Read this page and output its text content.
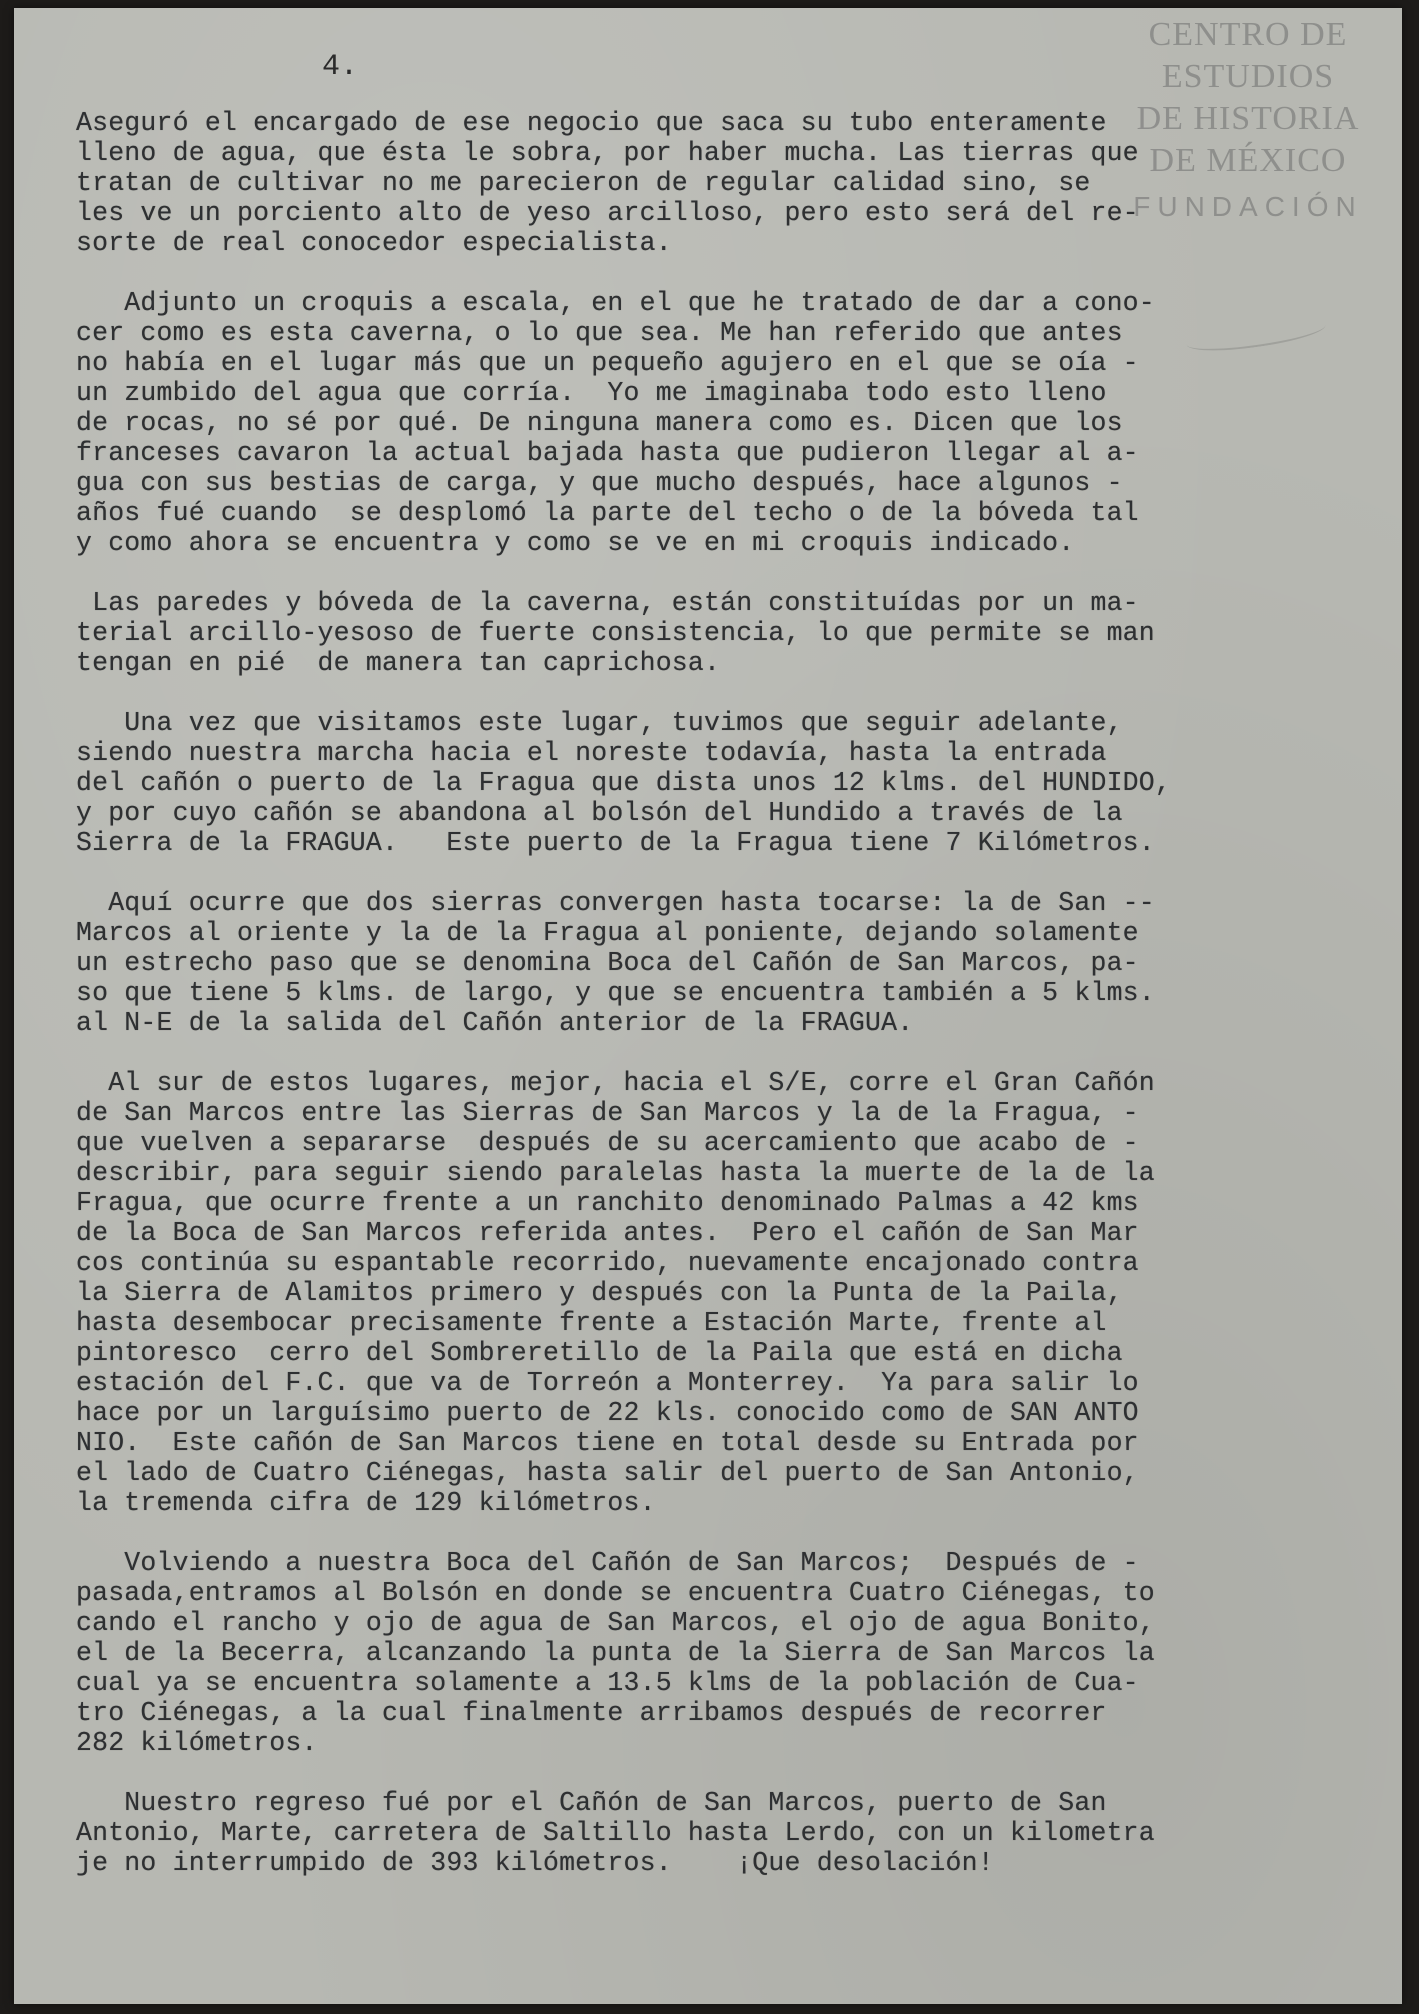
4.
CENTRO DE
ESTUDIOS
DE HISTORIA
DE MÉXICO
FUNDACIÓN
Aseguró el encargado de ese negocio que saca su tubo enteramente
lleno de agua, que ésta le sobra, por haber mucha. Las tierras que
tratan de cultivar no me parecieron de regular calidad sino, se
les ve un porciento alto de yeso arcilloso, pero esto será del re-
sorte de real conocedor especialista.
Adjunto un croquis a escala, en el que he tratado de dar a cono-
cer como es esta caverna, o lo que sea. Me han referido que antes
no había en el lugar más que un pequeño agujero en el que se oía -
un zumbido del agua que corría.  Yo me imaginaba todo esto lleno
de rocas, no sé por qué. De ninguna manera como es. Dicen que los
franceses cavaron la actual bajada hasta que pudieron llegar al a-
gua con sus bestias de carga, y que mucho después, hace algunos -
años fué cuando  se desplomó la parte del techo o de la bóveda tal
y como ahora se encuentra y como se ve en mi croquis indicado.
Las paredes y bóveda de la caverna, están constituídas por un ma-
terial arcillo-yesoso de fuerte consistencia, lo que permite se man
tengan en pié  de manera tan caprichosa.
Una vez que visitamos este lugar, tuvimos que seguir adelante,
siendo nuestra marcha hacia el noreste todavía, hasta la entrada
del cañón o puerto de la Fragua que dista unos 12 klms. del HUNDIDO,
y por cuyo cañón se abandona al bolsón del Hundido a través de la
Sierra de la FRAGUA.   Este puerto de la Fragua tiene 7 Kilómetros.
Aquí ocurre que dos sierras convergen hasta tocarse: la de San --
Marcos al oriente y la de la Fragua al poniente, dejando solamente
un estrecho paso que se denomina Boca del Cañón de San Marcos, pa-
so que tiene 5 klms. de largo, y que se encuentra también a 5 klms.
al N-E de la salida del Cañón anterior de la FRAGUA.
Al sur de estos lugares, mejor, hacia el S/E, corre el Gran Cañón
de San Marcos entre las Sierras de San Marcos y la de la Fragua, -
que vuelven a separarse  después de su acercamiento que acabo de -
describir, para seguir siendo paralelas hasta la muerte de la de la
Fragua, que ocurre frente a un ranchito denominado Palmas a 42 kms
de la Boca de San Marcos referida antes.  Pero el cañón de San Mar
cos continúa su espantable recorrido, nuevamente encajonado contra
la Sierra de Alamitos primero y después con la Punta de la Paila,
hasta desembocar precisamente frente a Estación Marte, frente al
pintoresco  cerro del Sombreretillo de la Paila que está en dicha
estación del F.C. que va de Torreón a Monterrey.  Ya para salir lo
hace por un larguísimo puerto de 22 kls. conocido como de SAN ANTO
NIO.  Este cañón de San Marcos tiene en total desde su Entrada por
el lado de Cuatro Ciénegas, hasta salir del puerto de San Antonio,
la tremenda cifra de 129 kilómetros.
Volviendo a nuestra Boca del Cañón de San Marcos;  Después de -
pasada,entramos al Bolsón en donde se encuentra Cuatro Ciénegas, to
cando el rancho y ojo de agua de San Marcos, el ojo de agua Bonito,
el de la Becerra, alcanzando la punta de la Sierra de San Marcos la
cual ya se encuentra solamente a 13.5 klms de la población de Cua-
tro Ciénegas, a la cual finalmente arribamos después de recorrer
282 kilómetros.
Nuestro regreso fué por el Cañón de San Marcos, puerto de San
Antonio, Marte, carretera de Saltillo hasta Lerdo, con un kilometra
je no interrumpido de 393 kilómetros.    ¡Que desolación!
